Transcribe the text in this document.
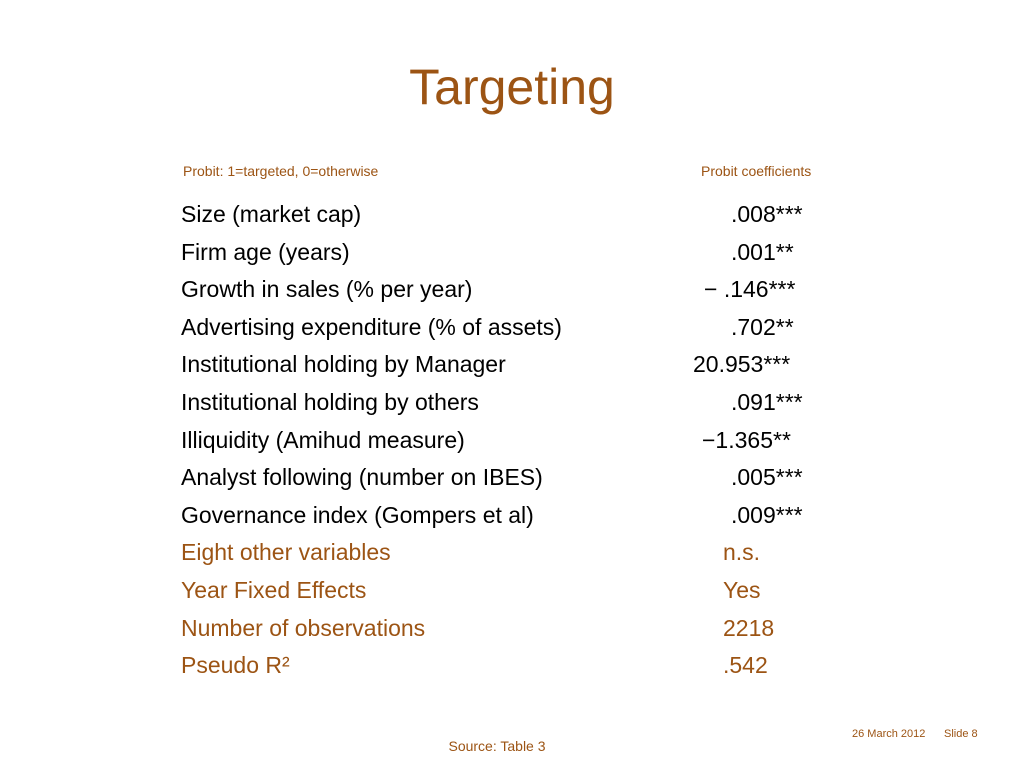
Targeting
Probit: 1=targeted, 0=otherwise	Probit coefficients
Size (market cap)	.008***
Firm age (years)	.001**
Growth in sales (% per year)	− .146***
Advertising expenditure (% of assets)	.702**
Institutional holding by Manager	20.953***
Institutional holding by others	.091***
Illiquidity (Amihud measure)	−1.365**
Analyst following (number on IBES)	.005***
Governance index (Gompers et al)	.009***
Eight other variables	n.s.
Year Fixed Effects	Yes
Number of observations	2218
Pseudo R²	.542
Source: Table 3
26 March 2012 Slide 8
